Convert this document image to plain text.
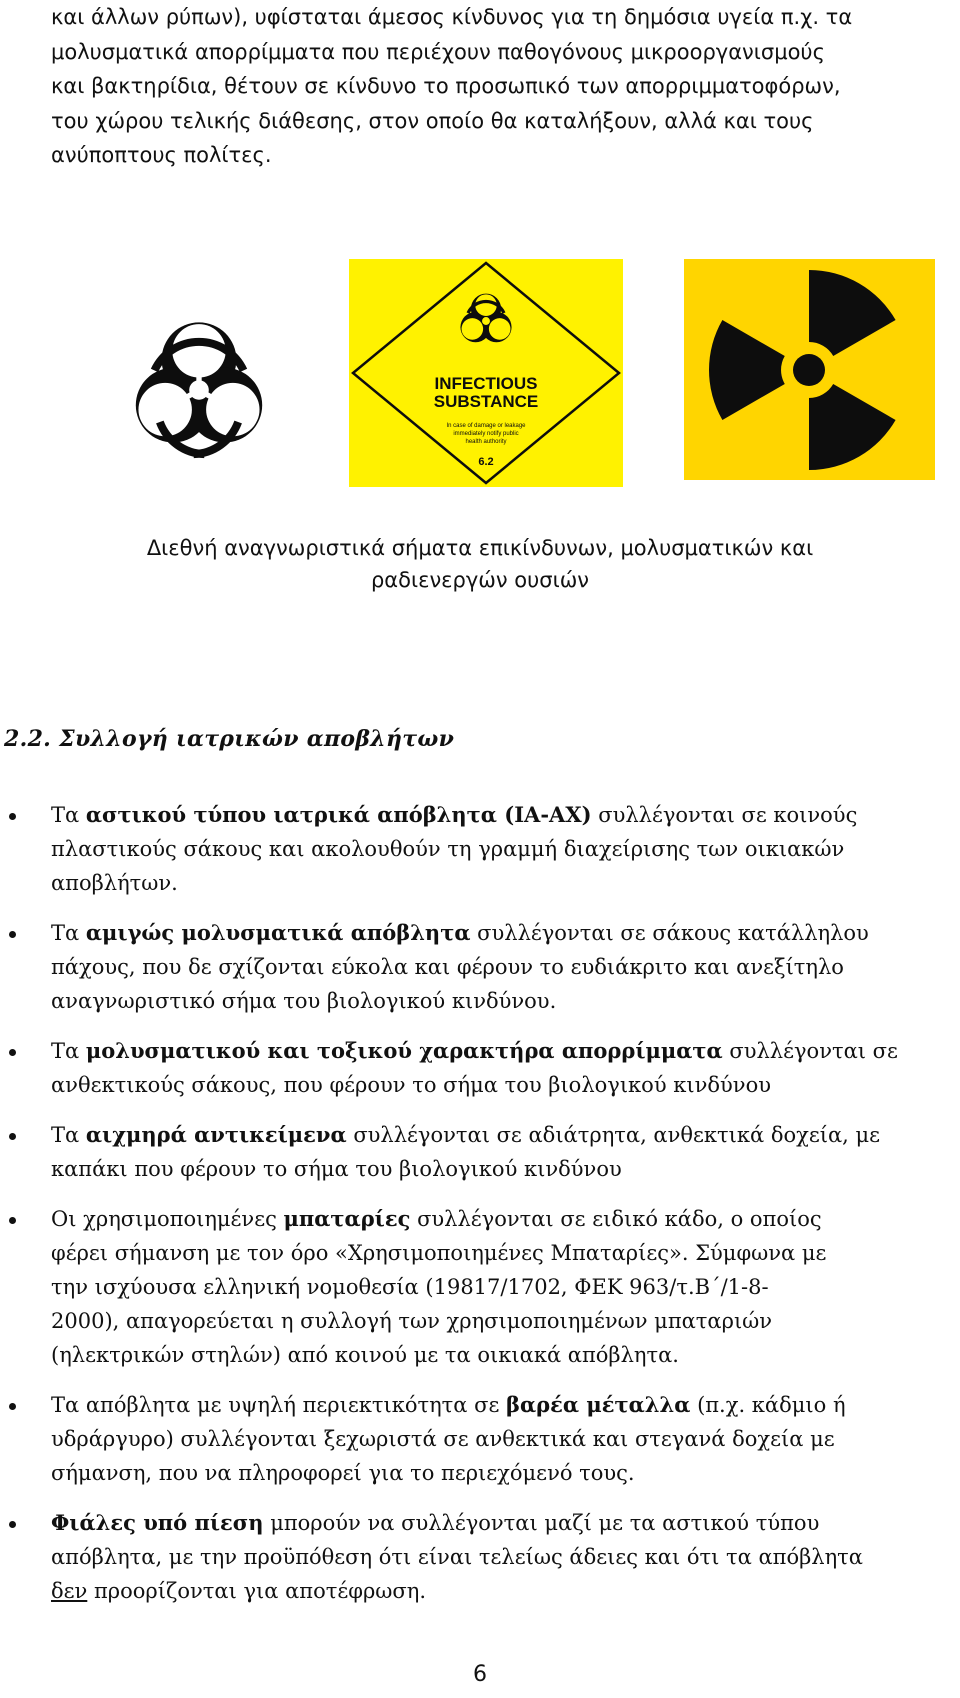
και άλλων ρύπων), υφίσταται άμεσος κίνδυνος για τη δημόσια υγεία π.χ. τα
μολυσματικά απορρίμματα που περιέχουν παθογόνους μικροοργανισμούς
και βακτηρίδια, θέτουν σε κίνδυνο το προσωπικό των απορριμματοφόρων,
του χώρου τελικής διάθεσης, στον οποίο θα καταλήξουν, αλλά και τους
ανύποπτους πολίτες.

INFECTIOUS
SUBSTANCE
In case of damage or leakage
immediately notify public
health authority
6.2
Διεθνή αναγνωριστικά σήματα επικίνδυνων, μολυσματικών και
ραδιενεργών ουσιών
2.2. Συλλογή ιατρικών αποβλήτων
Τα αστικού τύπου ιατρικά απόβλητα (ΙΑ-ΑΧ) συλλέγονται σε κοινούς
πλαστικούς σάκους και ακολουθούν τη γραμμή διαχείρισης των οικιακών
αποβλήτων.
Τα αμιγώς μολυσματικά απόβλητα συλλέγονται σε σάκους κατάλληλου
πάχους, που δε σχίζονται εύκολα και φέρουν το ευδιάκριτο και ανεξίτηλο
αναγνωριστικό σήμα του βιολογικού κινδύνου.
Τα μολυσματικού και τοξικού χαρακτήρα απορρίμματα συλλέγονται σε
ανθεκτικούς σάκους, που φέρουν το σήμα του βιολογικού κινδύνου
Τα αιχμηρά αντικείμενα συλλέγονται σε αδιάτρητα, ανθεκτικά δοχεία, με
καπάκι που φέρουν το σήμα του βιολογικού κινδύνου
Οι χρησιμοποιημένες μπαταρίες συλλέγονται σε ειδικό κάδο, ο οποίος
φέρει σήμανση με τον όρο «Χρησιμοποιημένες Μπαταρίες». Σύμφωνα με
την ισχύουσα ελληνική νομοθεσία (19817/1702, ΦΕΚ 963/τ.Β΄/1-8-
2000), απαγορεύεται η συλλογή των χρησιμοποιημένων μπαταριών
(ηλεκτρικών στηλών) από κοινού με τα οικιακά απόβλητα.
Τα απόβλητα με υψηλή περιεκτικότητα σε βαρέα μέταλλα (π.χ. κάδμιο ή
υδράργυρο) συλλέγονται ξεχωριστά σε ανθεκτικά και στεγανά δοχεία με
σήμανση, που να πληροφορεί για το περιεχόμενό τους.
Φιάλες υπό πίεση μπορούν να συλλέγονται μαζί με τα αστικού τύπου
απόβλητα, με την προϋπόθεση ότι είναι τελείως άδειες και ότι τα απόβλητα
δεν προορίζονται για αποτέφρωση.
6
